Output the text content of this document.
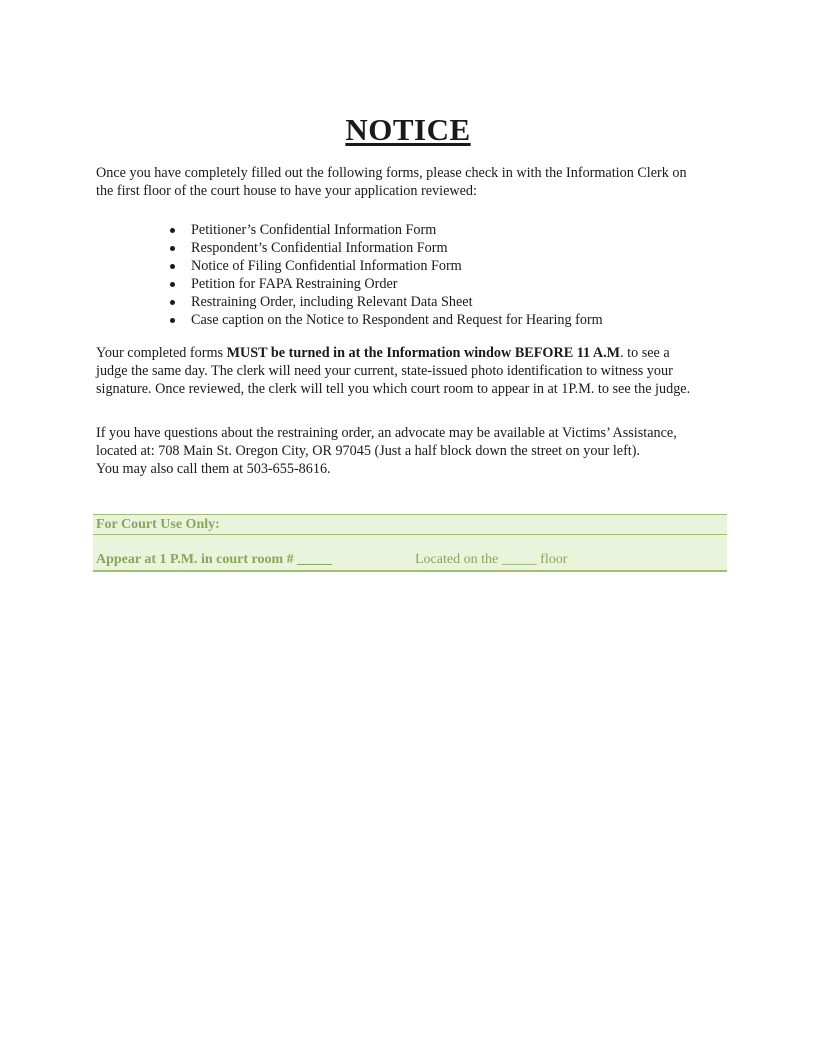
NOTICE
Once you have completely filled out the following forms, please check in with the Information Clerk on
the first floor of the court house to have your application reviewed:
Petitioner’s Confidential Information Form
Respondent’s Confidential Information Form
Notice of Filing Confidential Information Form
Petition for FAPA Restraining Order
Restraining Order, including Relevant Data Sheet
Case caption on the Notice to Respondent and Request for Hearing form
Your completed forms MUST be turned in at the Information window BEFORE 11 A.M. to see a
judge the same day. The clerk will need your current, state-issued photo identification to witness your
signature. Once reviewed, the clerk will tell you which court room to appear in at 1P.M. to see the judge.
If you have questions about the restraining order, an advocate may be available at Victims’ Assistance,
located at: 708 Main St. Oregon City, OR 97045 (Just a half block down the street on your left).
You may also call them at 503-655-8616.
For Court Use Only:
Appear at 1 P.M. in court room # _____	Located on the _____ floor
